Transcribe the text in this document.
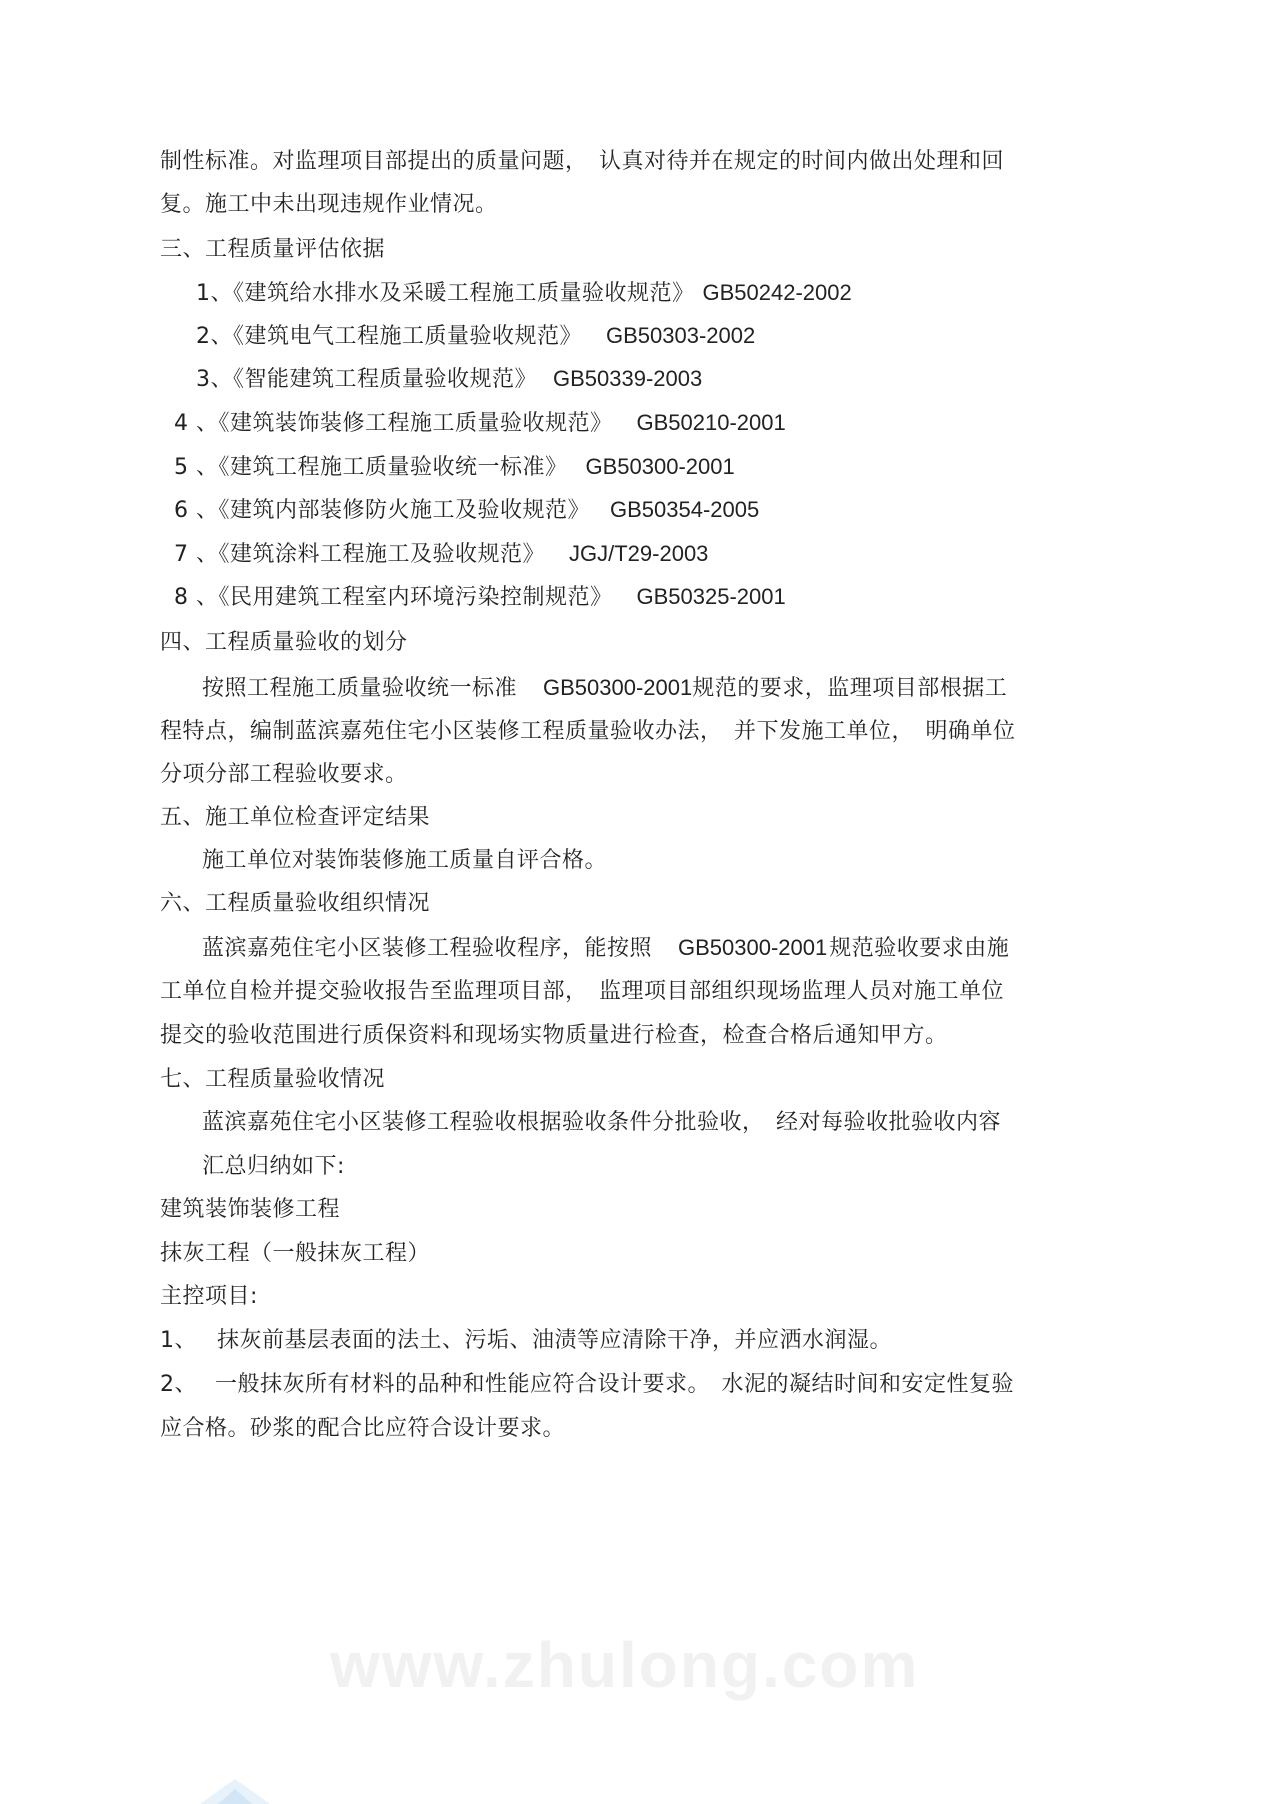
制性标准。对监理项目部提出的质量问题，　认真对待并在规定的时间内做出处理和回
复。施工中未出现违规作业情况。
三、工程质量评估依据
1、《建筑给水排水及采暖工程施工质量验收规范》 GB50242-2002
2、《建筑电气工程施工质量验收规范》 GB50303-2002
3、《智能建筑工程质量验收规范》 GB50339-2003
4 、《建筑装饰装修工程施工质量验收规范》 GB50210-2001
5 、《建筑工程施工质量验收统一标准》 GB50300-2001
6 、《建筑内部装修防火施工及验收规范》 GB50354-2005
7 、《建筑涂料工程施工及验收规范》 JGJ/T29-2003
8 、《民用建筑工程室内环境污染控制规范》 GB50325-2001
四、工程质量验收的划分
按照工程施工质量验收统一标准 GB50300-2001规范的要求，监理项目部根据工
程特点，编制蓝滨嘉苑住宅小区装修工程质量验收办法，　并下发施工单位，　明确单位
分项分部工程验收要求。
五、施工单位检查评定结果
施工单位对装饰装修施工质量自评合格。
六、工程质量验收组织情况
蓝滨嘉苑住宅小区装修工程验收程序，能按照 GB50300-2001规范验收要求由施
工单位自检并提交验收报告至监理项目部，　监理项目部组织现场监理人员对施工单位
提交的验收范围进行质保资料和现场实物质量进行检查，检查合格后通知甲方。
七、工程质量验收情况
蓝滨嘉苑住宅小区装修工程验收根据验收条件分批验收，　经对每验收批验收内容
汇总归纳如下:
建筑装饰装修工程
抹灰工程（一般抹灰工程）
主控项目:
1、 抹灰前基层表面的法土、污垢、油渍等应清除干净，并应洒水润湿。
2、 一般抹灰所有材料的品种和性能应符合设计要求。　水泥的凝结时间和安定性复验
应合格。砂浆的配合比应符合设计要求。
www.zhulong.com
